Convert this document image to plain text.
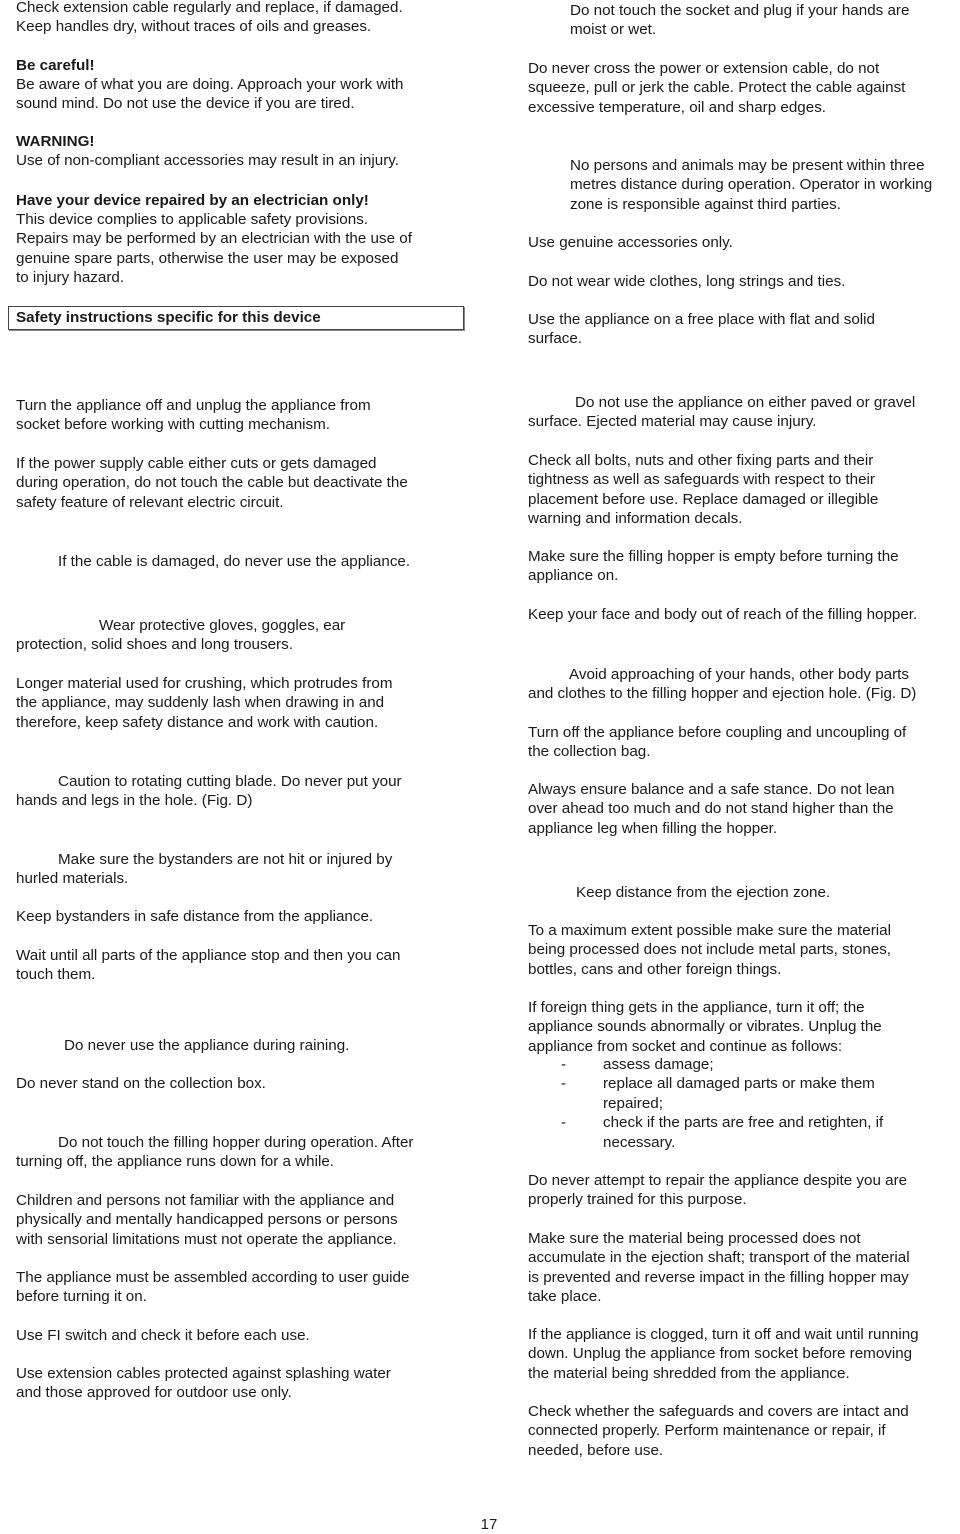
Check extension cable regularly and replace, if damaged.
Keep handles dry, without traces of oils and greases.
Be careful!
Be aware of what you are doing. Approach your work with
sound mind. Do not use the device if you are tired.
WARNING!
Use of non-compliant accessories may result in an injury.
Have your device repaired by an electrician only!
This device complies to applicable safety provisions.
Repairs may be performed by an electrician with the use of
genuine spare parts, otherwise the user may be exposed
to injury hazard.
Safety instructions specific for this device
Do not touch the socket and plug if your hands are
moist or wet.
Do never cross the power or extension cable, do not
squeeze, pull or jerk the cable. Protect the cable against
excessive temperature, oil and sharp edges.
No persons and animals may be present within three
metres distance during operation. Operator in working
zone is responsible against third parties.
Use genuine accessories only.
Do not wear wide clothes, long strings and ties.
Use the appliance on a free place with flat and solid
surface.
Turn the appliance off and unplug the appliance from
socket before working with cutting mechanism.
If the power supply cable either cuts or gets damaged
during operation, do not touch the cable but deactivate the
safety feature of relevant electric circuit.
If the cable is damaged, do never use the appliance.
Wear protective gloves, goggles, ear
protection, solid shoes and long trousers.
Longer material used for crushing, which protrudes from
the appliance, may suddenly lash when drawing in and
therefore, keep safety distance and work with caution.
Caution to rotating cutting blade. Do never put your
hands and legs in the hole. (Fig. D)
Make sure the bystanders are not hit or injured by
hurled materials.
Keep bystanders in safe distance from the appliance.
Wait until all parts of the appliance stop and then you can
touch them.
Do never use the appliance during raining.
Do never stand on the collection box.
Do not touch the filling hopper during operation. After
turning off, the appliance runs down for a while.
Children and persons not familiar with the appliance and
physically and mentally handicapped persons or persons
with sensorial limitations must not operate the appliance.
The appliance must be assembled according to user guide
before turning it on.
Use FI switch and check it before each use.
Use extension cables protected against splashing water
and those approved for outdoor use only.
Do not use the appliance on either paved or gravel
surface. Ejected material may cause injury.
Check all bolts, nuts and other fixing parts and their
tightness as well as safeguards with respect to their
placement before use. Replace damaged or illegible
warning and information decals.
Make sure the filling hopper is empty before turning the
appliance on.
Keep your face and body out of reach of the filling hopper.
Avoid approaching of your hands, other body parts
and clothes to the filling hopper and ejection hole. (Fig. D)
Turn off the appliance before coupling and uncoupling of
the collection bag.
Always ensure balance and a safe stance. Do not lean
over ahead too much and do not stand higher than the
appliance leg when filling the hopper.
Keep distance from the ejection zone.
To a maximum extent possible make sure the material
being processed does not include metal parts, stones,
bottles, cans and other foreign things.
If foreign thing gets in the appliance, turn it off; the
appliance sounds abnormally or vibrates. Unplug the
appliance from socket and continue as follows:
-	assess damage;
-	replace all damaged parts or make them
repaired;
-	check if the parts are free and retighten, if
necessary.
Do never attempt to repair the appliance despite you are
properly trained for this purpose.
Make sure the material being processed does not
accumulate in the ejection shaft; transport of the material
is prevented and reverse impact in the filling hopper may
take place.
If the appliance is clogged, turn it off and wait until running
down. Unplug the appliance from socket before removing
the material being shredded from the appliance.
Check whether the safeguards and covers are intact and
connected properly. Perform maintenance or repair, if
needed, before use.
17
